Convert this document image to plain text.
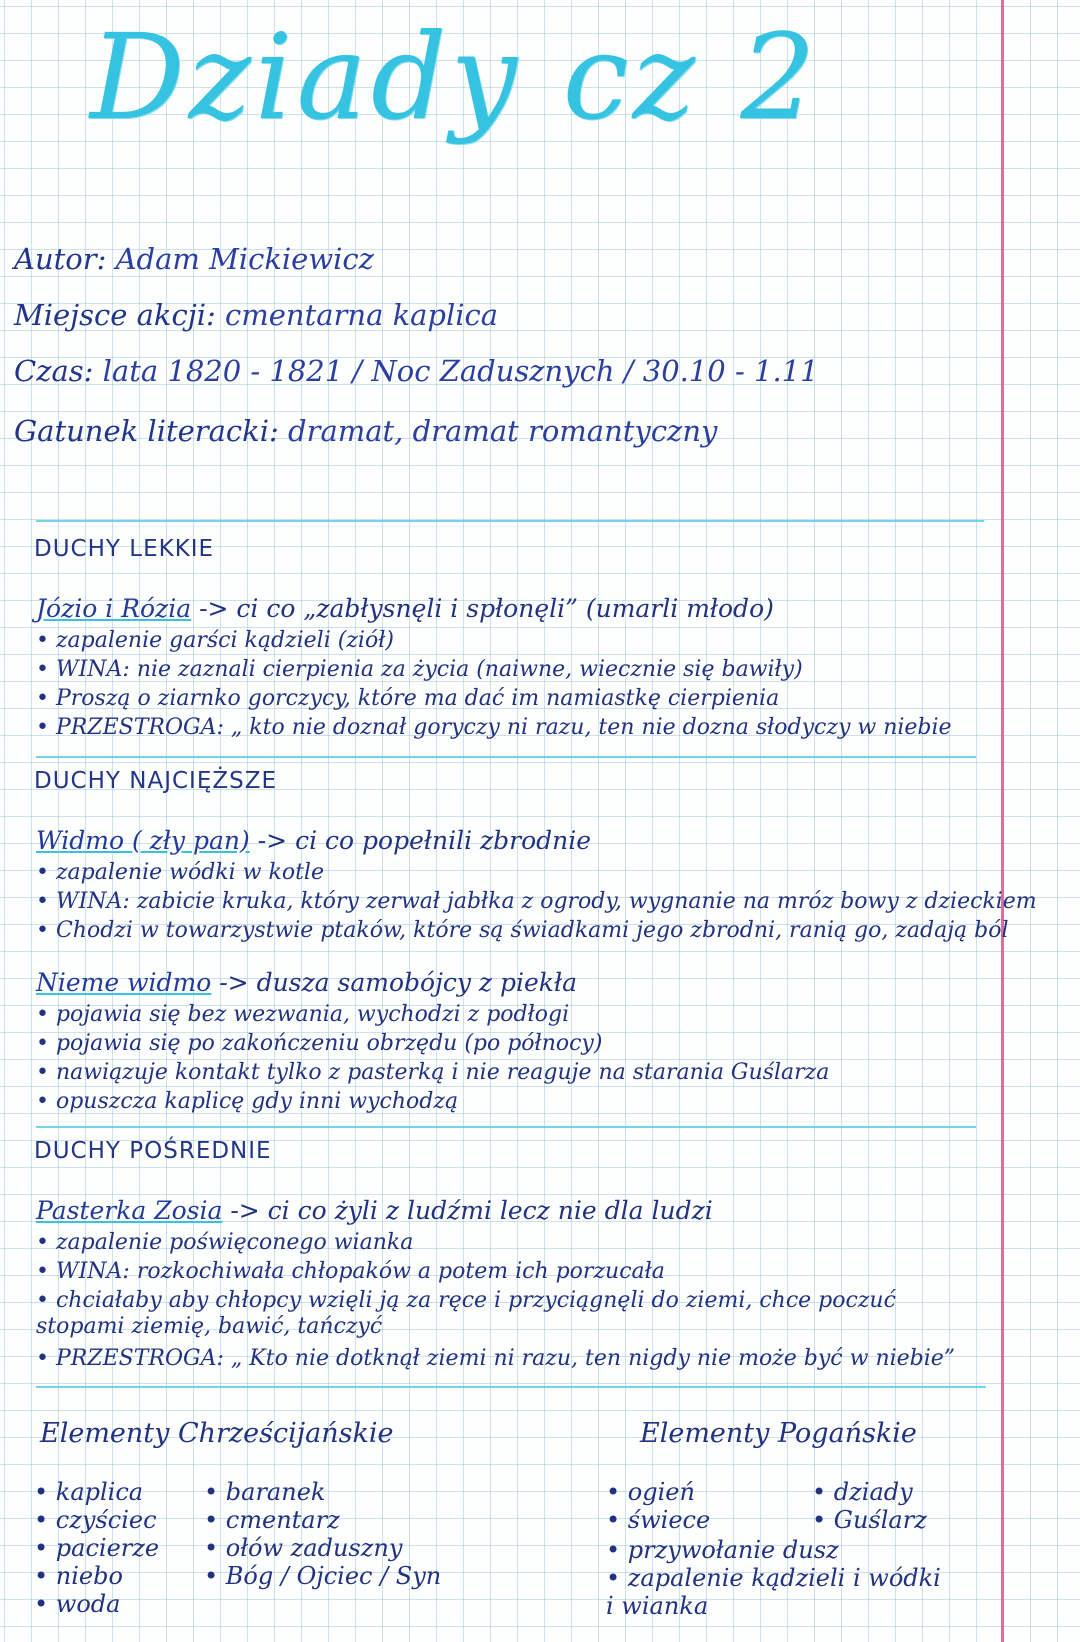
Dziady cz 2
Autor: Adam Mickiewicz
Miejsce akcji: cmentarna kaplica
Czas: lata 1820 - 1821 / Noc Zadusznych / 30.10 - 1.11
Gatunek literacki: dramat, dramat romantyczny
DUCHY LEKKIE
Józio i Rózia -> ci co „zabłysnęli i spłonęli” (umarli młodo)
• zapalenie garści kądzieli (ziół)
• WINA: nie zaznali cierpienia za życia (naiwne, wiecznie się bawiły)
• Proszą o ziarnko gorczycy, które ma dać im namiastkę cierpienia
• PRZESTROGA: „ kto nie doznał goryczy ni razu, ten nie dozna słodyczy w niebie
DUCHY NAJCIĘŻSZE
Widmo ( zły pan) -> ci co popełnili zbrodnie
• zapalenie wódki w kotle
• WINA: zabicie kruka, który zerwał jabłka z ogrody, wygnanie na mróz bowy z dzieckiem
• Chodzi w towarzystwie ptaków, które są świadkami jego zbrodni, ranią go, zadają ból
Nieme widmo -> dusza samobójcy z piekła
• pojawia się bez wezwania, wychodzi z podłogi
• pojawia się po zakończeniu obrzędu (po północy)
• nawiązuje kontakt tylko z pasterką i nie reaguje na starania Guślarza
• opuszcza kaplicę gdy inni wychodzą
DUCHY POŚREDNIE
Pasterka Zosia -> ci co żyli z ludźmi lecz nie dla ludzi
• zapalenie poświęconego wianka
• WINA: rozkochiwała chłopaków a potem ich porzucała
• chciałaby aby chłopcy wzięli ją za ręce i przyciągnęli do ziemi, chce poczuć
stopami ziemię, bawić, tańczyć
• PRZESTROGA: „ Kto nie dotknął ziemi ni razu, ten nigdy nie może być w niebie”
Elementy Chrześcijańskie	Elementy Pogańskie
• kaplica
• czyściec
• pacierze
• niebo
• woda
• baranek
• cmentarz
• ołów zaduszny
• Bóg / Ojciec / Syn
• ogień
• świece
• przywołanie dusz
• zapalenie kądzieli i wódki
i wianka
• dziady
• Guślarz
